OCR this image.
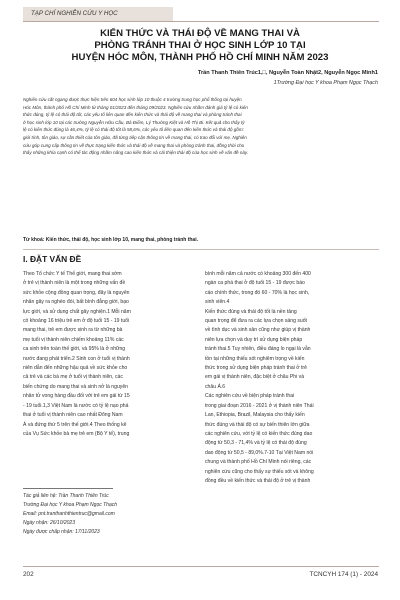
TẠP CHÍ NGHIÊN CỨU Y HỌC
KIẾN THỨC VÀ THÁI ĐỘ VỀ MANG THAI VÀ
PHÒNG TRÁNH THAI Ở HỌC SINH LỚP 10 TẠI
HUYỆN HÓC MÔN, THÀNH PHỐ HỒ CHÍ MINH NĂM 2023
Trần Thanh Thiên Trúc1,□, Nguyễn Toàn Nhật2, Nguyễn Ngọc Minh1
1Trường Đại học Y khoa Phạm Ngọc Thạch
Nghiên cứu cắt ngang được thực hiện trên 604 học sinh lớp 10 thuộc 4 trường trung học phổ thông tại huyện
Hóc Môn, thành phố Hồ Chí Minh từ tháng 01/2023 đến tháng 09/2023. Nghiên cứu nhằm đánh giá tỷ lệ có kiến
thức đúng, tỷ lệ có thái độ tốt, các yếu tố liên quan đến kiến thức và thái độ về mang thai và phòng tránh thai
ở học sinh lớp 10 tại các trường Nguyễn Hữu Cầu, Bà Điểm, Lý Thường Kiệt và Hồ Thị Bi. Kết quả cho thấy tỷ
lệ có kiến thức đúng là 46,4%, tỷ lệ có thái độ tốt là 58,6%, các yếu tố liên quan đến kiến thức và thái độ gồm:
giới tính, tôn giáo, sự cần thiết của tôn giáo, đã từng tiếp cận thông tin về mang thai, có trao đổi với mẹ. Nghiên
cứu góp cung cấp thông tin về thực trạng kiến thức và thái độ về mang thai và phòng tránh thai, đồng thời cho
thấy những khía cạnh có thể tác động nhằm nâng cao kiến thức và cải thiện thái độ của học sinh về vấn đề này.
Từ khoá: Kiến thức, thái độ, học sinh lớp 10, mang thai, phòng tránh thai.
I. ĐẶT VẤN ĐỀ
Theo Tổ chức Y tế Thế giới, mang thai sớm
ở trẻ vị thành niên là một trong những vấn đề
sức khỏe cộng đồng quan trọng, đây là nguyên
nhân gây ra nghèo đói, bất bình đẳng giới, bạo
lực giới, và sử dụng chất gây nghiện.1 Mỗi năm
có khoảng 16 triệu trẻ em ở độ tuổi 15 - 19 tuổi
mang thai, trẻ em được sinh ra từ những bà
mẹ tuổi vị thành niên chiếm khoảng 11% các
ca sinh trên toàn thế giới, và 95% là ở những
nước đang phát triển.2 Sinh con ở tuổi vị thành
niên dẫn đến những hậu quả về sức khỏe cho
cả trẻ và các bà mẹ ở tuổi vị thành niên, các
biến chứng do mang thai và sinh nở là nguyên
nhân tử vong hàng đầu đối với trẻ em gái từ 15
- 19 tuổi.1,3 Việt Nam là nước có tỷ lệ nạo phá
thai ở tuổi vị thành niên cao nhất Đông Nam
Á và đứng thứ 5 trên thế giới.4 Theo thống kê
của Vụ Sức khỏe bà mẹ trẻ em (Bộ Y tế), trung
bình mỗi năm cả nước có khoảng 300 đến 400
ngàn ca phá thai ở độ tuổi 15 - 19 được báo
cáo chính thức, trong đó 60 - 70% là học sinh,
sinh viên.4
Kiến thức đúng và thái độ tốt là nền tảng
quan trọng để đưa ra các lựa chọn sáng suốt
về tình dục và sinh sản cũng như giúp vị thành
niên lựa chọn và duy trì sử dụng biện pháp
tránh thai.5 Tuy nhiên, điều đáng lo ngại là vẫn
tồn tại những thiếu sót nghiêm trọng về kiến
thức trong sử dụng biện pháp tránh thai ở trẻ
em gái vị thành niên, đặc biệt ở châu Phi và
châu Á.6
Các nghiên cứu về biện pháp tránh thai
trong giai đoạn 2016 - 2021 ở vị thành niên Thái
Lan, Ethiopia, Brazil, Malaysia cho thấy kiến
thức đúng và thái độ có sự biến thiên lớn giữa
các nghiên cứu, với tỷ lệ có kiến thức đúng dao
động từ 50,3 - 71,4% và tỷ lệ có thái độ đúng
dao động từ 50,5 - 89,0%.7-10 Tại Việt Nam nói
chung và thành phố Hồ Chí Minh nói riêng, các
nghiên cứu cũng cho thấy sự thiếu sót và không
đồng đều về kiến thức và thái độ ở trẻ vị thành
Tác giả liên hệ: Trần Thanh Thiên Trúc
Trường Đại học Y khoa Phạm Ngọc Thạch
Email: pnt.tranthanhthientruc@gmail.com
Ngày nhận: 26/10/2023
Ngày được chấp nhận: 17/11/2023
202	TCNCYH 174 (1) - 2024
